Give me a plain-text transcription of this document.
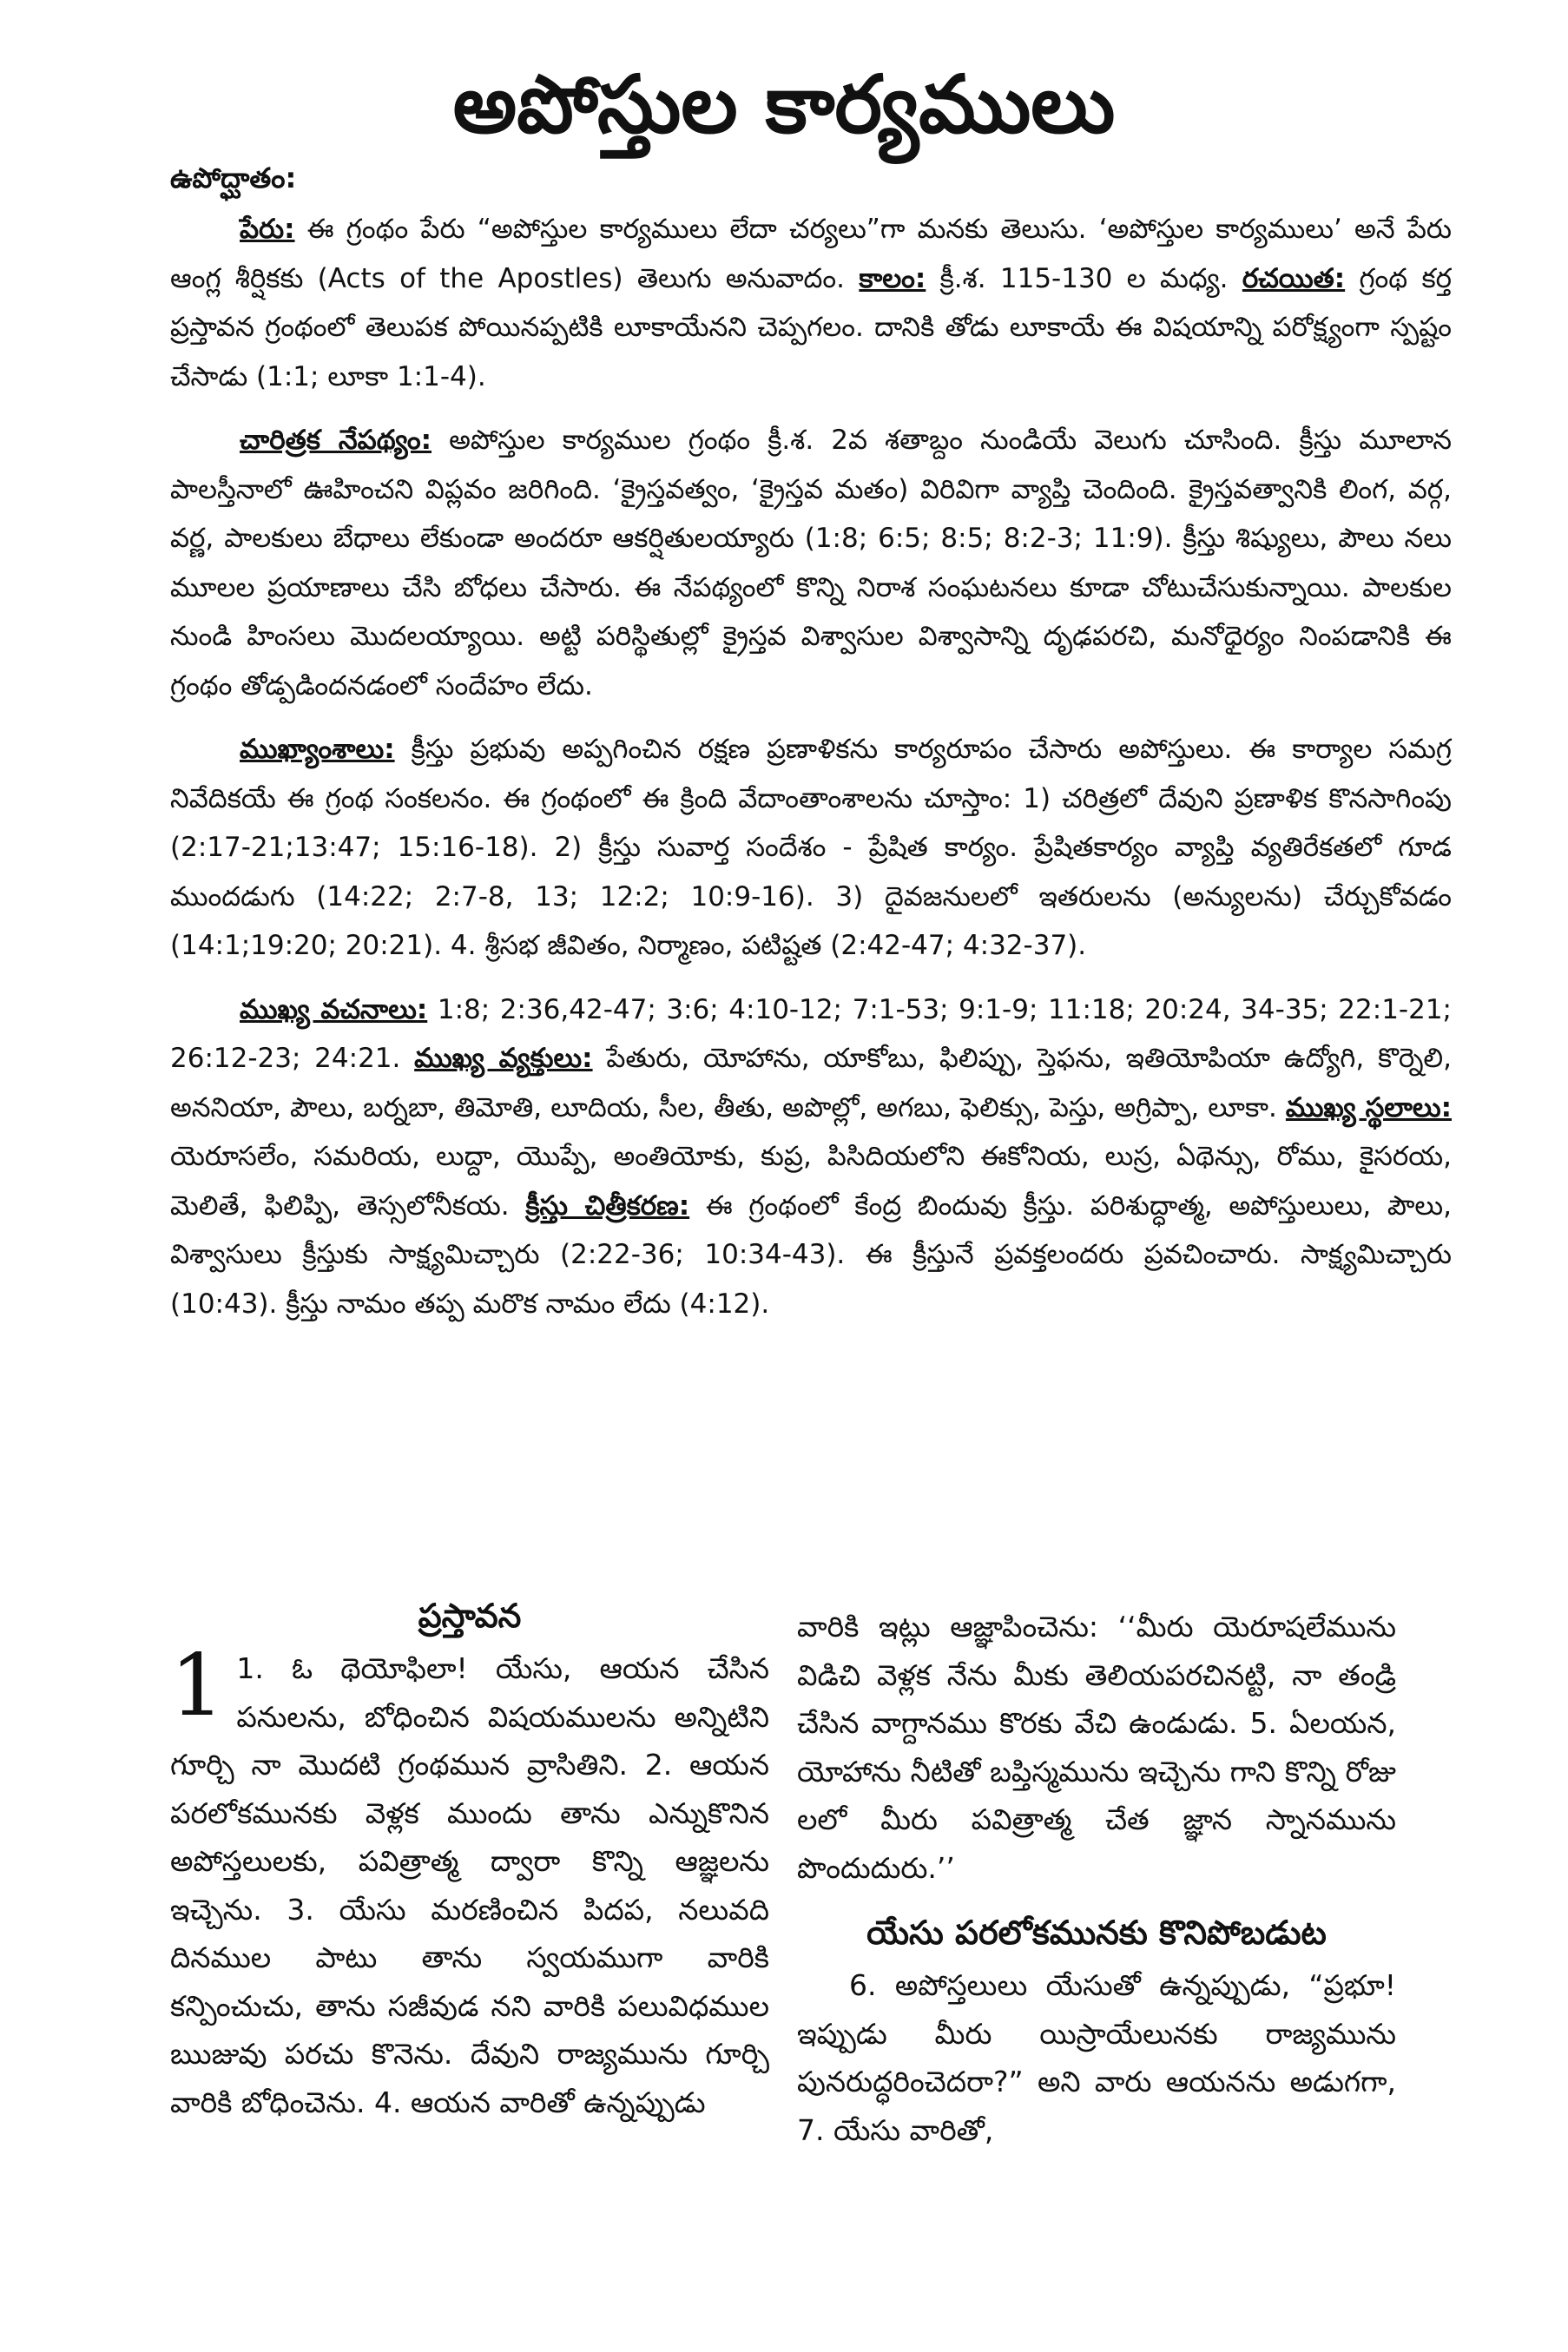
అపోస్తుల కార్యములు
ఉపోద్ఘాతం:

పేరు: ఈ గ్రంథం పేరు “అపోస్తుల కార్యములు లేదా చర్యలు”గా మనకు తెలుసు. ‘అపోస్తుల కార్యములు’ అనే పేరు ఆంగ్ల శీర్షికకు (Acts of the Apostles) తెలుగు అనువాదం. కాలం: క్రీ.శ. 115-130 ల మధ్య. రచయిత: గ్రంథ కర్త ప్రస్తావన గ్రంథంలో తెలుపక పోయినప్పటికి లూకాయేనని చెప్పగలం. దానికి తోడు లూకాయే ఈ విషయాన్ని పరోక్ష్యంగా స్పష్టం చేసాడు (1:1; లూకా 1:1-4).

చారిత్రక నేపథ్యం: అపోస్తుల కార్యముల గ్రంథం క్రీ.శ. 2వ శతాబ్దం నుండియే వెలుగు చూసింది. క్రీస్తు మూలాన పాలస్తీనాలో ఊహించని విప్లవం జరిగింది. ‘క్రైస్తవత్వం, ‘క్రైస్తవ మతం) విరివిగా వ్యాప్తి చెందింది. క్రైస్తవత్వానికి లింగ, వర్గ, వర్ణ, పాలకులు బేధాలు లేకుండా అందరూ ఆకర్షితులయ్యారు (1:8; 6:5; 8:5; 8:2-3; 11:9). క్రీస్తు శిష్యులు, పౌలు నలు మూలల ప్రయాణాలు చేసి బోధలు చేసారు. ఈ నేపథ్యంలో కొన్ని నిరాశ సంఘటనలు కూడా చోటుచేసుకున్నాయి. పాలకుల నుండి హింసలు మొదలయ్యాయి. అట్టి పరిస్థితుల్లో క్రైస్తవ విశ్వాసుల విశ్వాసాన్ని దృఢపరచి, మనోధైర్యం నింపడానికి ఈ గ్రంథం తోడ్పడిందనడంలో సందేహం లేదు.

ముఖ్యాంశాలు: క్రీస్తు ప్రభువు అప్పగించిన రక్షణ ప్రణాళికను కార్యరూపం చేసారు అపోస్తులు. ఈ కార్యాల సమగ్ర నివేదికయే ఈ గ్రంథ సంకలనం. ఈ గ్రంథంలో ఈ క్రింది వేదాంతాంశాలను చూస్తాం: 1) చరిత్రలో దేవుని ప్రణాళిక కొనసాగింపు (2:17-21;13:47; 15:16-18). 2) క్రీస్తు సువార్త సందేశం - ప్రేషిత కార్యం. ప్రేషితకార్యం వ్యాప్తి వ్యతిరేకతలో గూడ ముందడుగు (14:22; 2:7-8, 13; 12:2; 10:9-16). 3) దైవజనులలో ఇతరులను (అన్యులను) చేర్చుకోవడం (14:1;19:20; 20:21). 4. శ్రీసభ జీవితం, నిర్మాణం, పటిష్టత (2:42-47; 4:32-37).

ముఖ్య వచనాలు: 1:8; 2:36,42-47; 3:6; 4:10-12; 7:1-53; 9:1-9; 11:18; 20:24, 34-35; 22:1-21; 26:12-23; 24:21. ముఖ్య వ్యక్తులు: పేతురు, యోహాను, యాకోబు, ఫిలిప్పు, స్తెఫను, ఇతియోపియా ఉద్యోగి, కొర్నెలి, అననియా, పౌలు, బర్నబా, తిమోతి, లూదియ, సీల, తీతు, అపొల్లో, అగబు, ఫెలిక్సు, పెస్తు, అగ్రిప్పా, లూకా. ముఖ్య స్థలాలు: యెరూసలేం, సమరియ, లుద్దా, యొప్పే, అంతియోకు, కుప్ర, పిసిదియలోని ఈకోనియ, లుస్ర, ఏథెన్సు, రోము, కైసరయ, మెలితే, ఫిలిప్పి, తెస్సలోనీకయ. క్రీస్తు చిత్రీకరణ: ఈ గ్రంథంలో కేంద్ర బిందువు క్రీస్తు. పరిశుద్ధాత్మ, అపోస్తులులు, పౌలు, విశ్వాసులు క్రీస్తుకు సాక్ష్యమిచ్చారు (2:22-36; 10:34-43). ఈ క్రీస్తునే ప్రవక్తలందరు ప్రవచించారు. సాక్ష్యమిచ్చారు (10:43). క్రీస్తు నామం తప్ప మరొక నామం లేదు (4:12).

ప్రస్తావన

1 1. ఓ థెయోఫిలా! యేసు, ఆయన చేసిన పనులను, బోధించిన విషయములను అన్నిటిని గూర్చి నా మొదటి గ్రంథమున వ్రాసితిని. 2. ఆయన పరలోకమునకు వెళ్లక ముందు తాను ఎన్నుకొనిన అపోస్తలులకు, పవిత్రాత్మ ద్వారా కొన్ని ఆజ్ఞలను ఇచ్చెను. 3. యేసు మరణించిన పిదప, నలువది దినముల పాటు తాను స్వయముగా వారికి కన్పించుచు, తాను సజీవుడ నని వారికి పలువిధముల ఋజువు పరచు కొనెను. దేవుని రాజ్యమును గూర్చి వారికి బోధించెను. 4. ఆయన వారితో ఉన్నప్పుడు

వారికి ఇట్లు ఆజ్ఞాపించెను: ‘‘మీరు యెరూషలేమును విడిచి వెళ్లక నేను మీకు తెలియపరచినట్టి, నా తండ్రి చేసిన వాగ్దానము కొరకు వేచి ఉండుడు. 5. ఏలయన, యోహాను నీటితో బప్తిస్మమును ఇచ్చెను గాని కొన్ని రోజు లలో మీరు పవిత్రాత్మ చేత జ్ఞాన స్నానమును పొందుదురు.’’

యేసు పరలోకమునకు కొనిపోబడుట

6. అపోస్తలులు యేసుతో ఉన్నప్పుడు, “ప్రభూ! ఇప్పుడు మీరు యిస్రాయేలునకు రాజ్యమును పునరుద్ధరించెదరా?” అని వారు ఆయనను అడుగగా, 7. యేసు వారితో,
